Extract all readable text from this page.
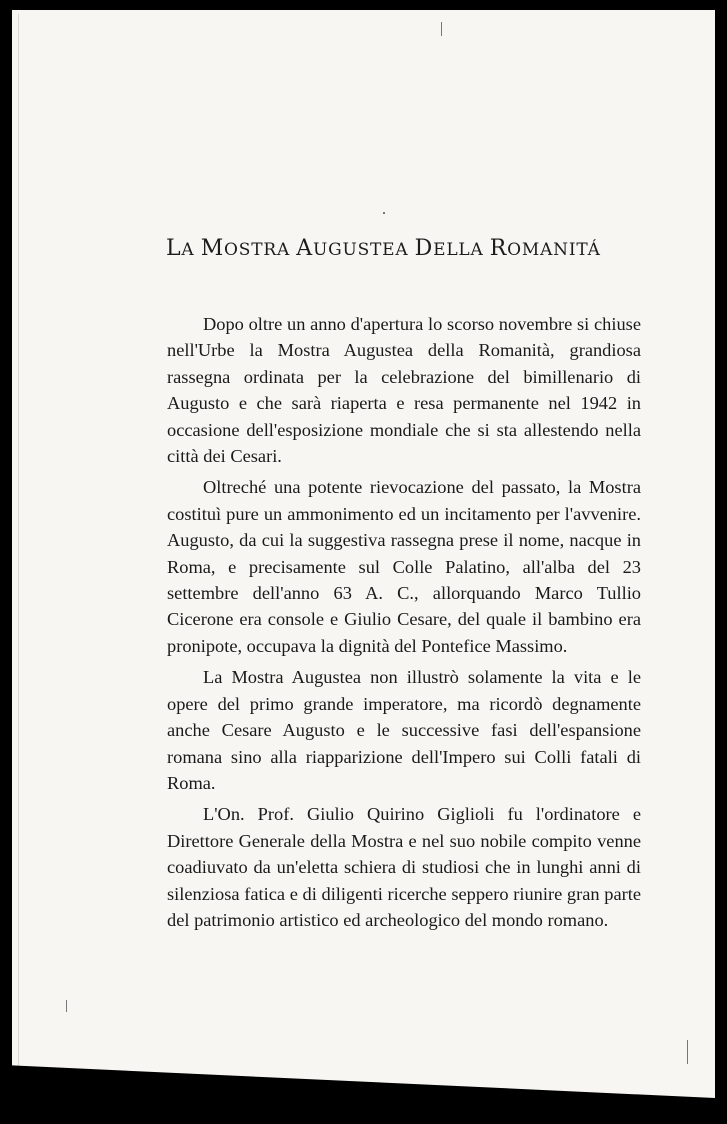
LA MOSTRA AUGUSTEA DELLA ROMANITÁ

Dopo oltre un anno d'apertura lo scorso novembre si chiuse nell'Urbe la Mostra Augustea della Romanità, grandiosa rassegna ordinata per la celebrazione del bimillenario di Augusto e che sarà riaperta e resa permanente nel 1942 in occasione dell'esposizione mondiale che si sta allestendo nella città dei Cesari.

Oltreché una potente rievocazione del passato, la Mostra costituì pure un ammonimento ed un incitamento per l'avvenire. Augusto, da cui la suggestiva rassegna prese il nome, nacque in Roma, e precisamente sul Colle Palatino, all'alba del 23 settembre dell'anno 63 A. C., allorquando Marco Tullio Cicerone era console e Giulio Cesare, del quale il bambino era pronipote, occupava la dignità del Pontefice Massimo.

La Mostra Augustea non illustrò solamente la vita e le opere del primo grande imperatore, ma ricordò degnamente anche Cesare Augusto e le successive fasi dell'espansione romana sino alla riapparizione dell'Impero sui Colli fatali di Roma.

L'On. Prof. Giulio Quirino Giglioli fu l'ordinatore e Direttore Generale della Mostra e nel suo nobile compito venne coadiuvato da un'eletta schiera di studiosi che in lunghi anni di silenziosa fatica e di diligenti ricerche seppero riunire gran parte del patrimonio artistico ed archeologico del mondo romano.
